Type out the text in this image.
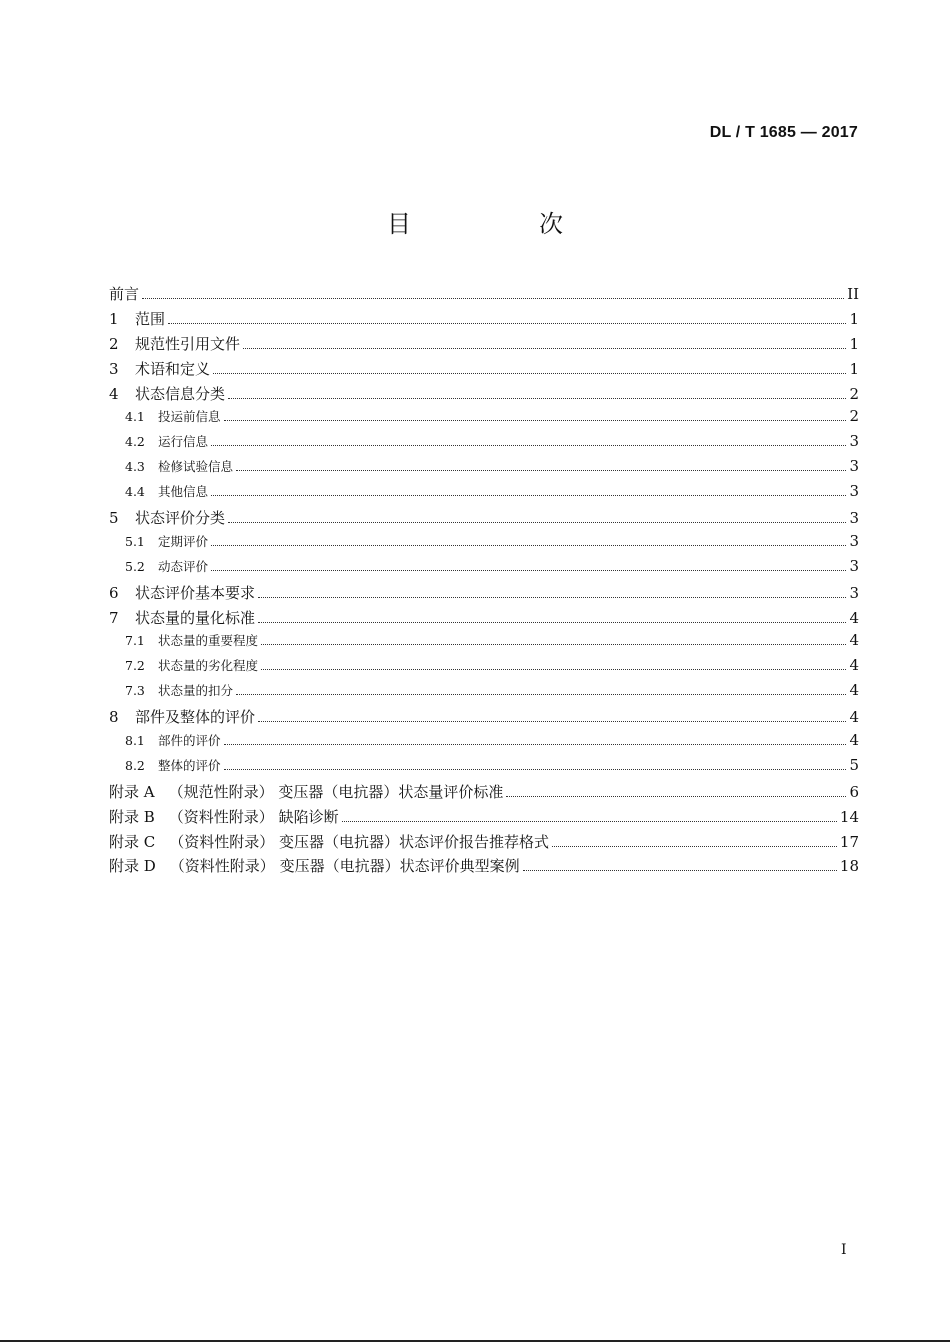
DL / T 1685 — 2017
目　次
前言	II
1	范围	1
2	规范性引用文件	1
3	术语和定义	1
4	状态信息分类	2
4.1	投运前信息	2
4.2	运行信息	3
4.3	检修试验信息	3
4.4	其他信息	3
5	状态评价分类	3
5.1	定期评价	3
5.2	动态评价	3
6	状态评价基本要求	3
7	状态量的量化标准	4
7.1	状态量的重要程度	4
7.2	状态量的劣化程度	4
7.3	状态量的扣分	4
8	部件及整体的评价	4
8.1	部件的评价	4
8.2	整体的评价	5
附录 A （规范性附录） 变压器（电抗器）状态量评价标准	6
附录 B （资料性附录） 缺陷诊断	14
附录 C （资料性附录） 变压器（电抗器）状态评价报告推荐格式	17
附录 D （资料性附录） 变压器（电抗器）状态评价典型案例	18
I
